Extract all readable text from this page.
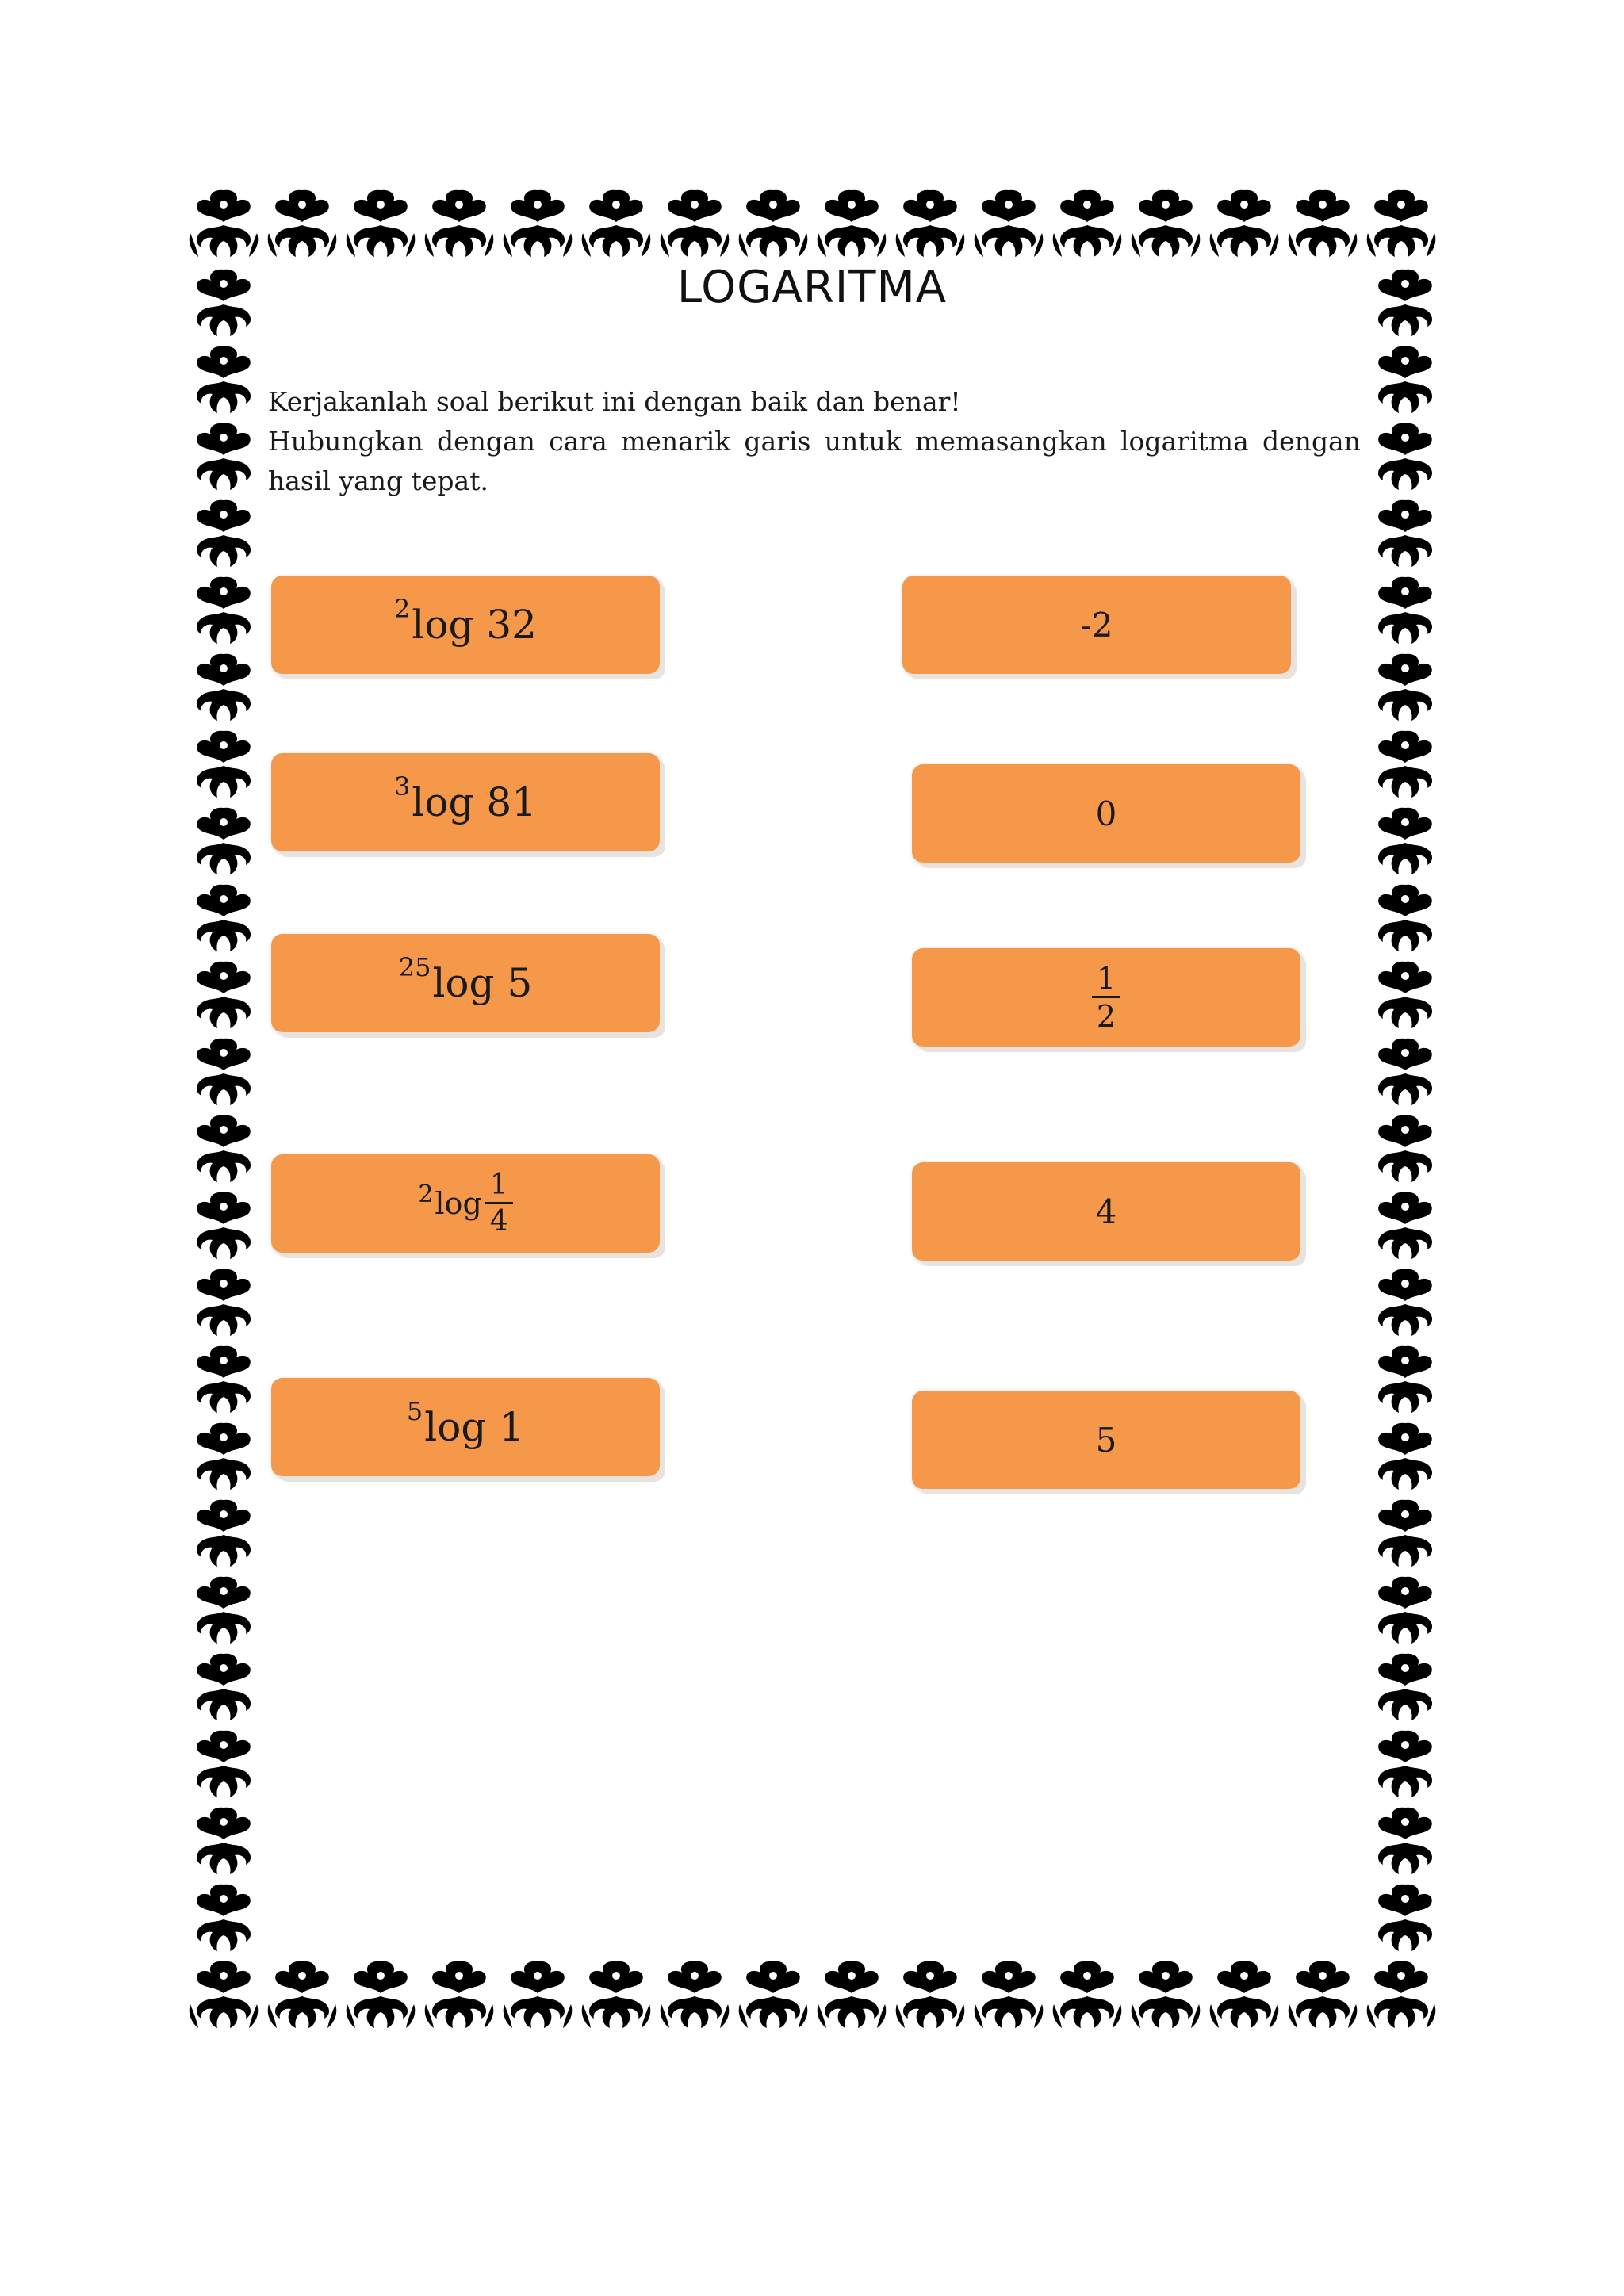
LOGARITMA

Kerjakanlah soal berikut ini dengan baik dan benar!

Hubungkan dengan cara menarik garis untuk memasangkan logaritma dengan hasil yang tepat.

2 log
32
3 log
81
25 log
5
2 $\log \frac{1}{4}$
5 log
1
-2
0
$\frac{1}{2}$
4
5
